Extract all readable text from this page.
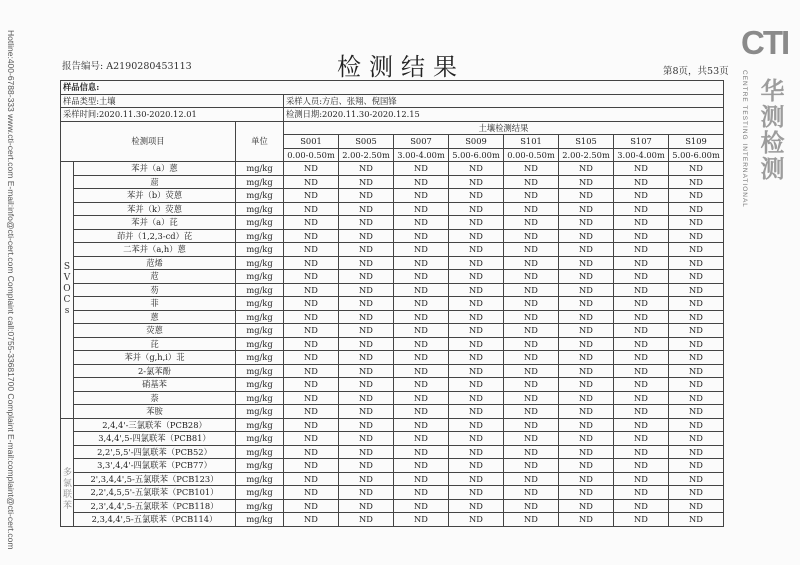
Hotline:400-6788-333 www.cti-cert.com E-mail:info@cti-cert.com Complaint call:0755-33681700 Complaint E-mail:complaint@cti-cert.com	报告编号: A2190280453113	检测结果	第8页，共53页
CTI
CENTRE TESTING INTERNATIONAL 华测检测
样品信息:										
样品类型:土壤			采样人员:方启、张翔、倪国锋							
采样时间:2020.11.30-2020.12.01			检测日期:2020.11.30-2020.12.15							
检测项目		单位	土壤检测结果							
			S001	S005	S007	S009	S101	S105	S107	S109
			0.00-0.50m	2.00-2.50m	3.00-4.00m	5.00-6.00m	0.00-0.50m	2.00-2.50m	3.00-4.00m	5.00-6.00m
S
V
O
C
s	苯并（a）蒽	mg/kg	ND	ND	ND	ND	ND	ND	ND	ND
	䓛	mg/kg	ND	ND	ND	ND	ND	ND	ND	ND
	苯并（b）荧蒽	mg/kg	ND	ND	ND	ND	ND	ND	ND	ND
	苯并（k）荧蒽	mg/kg	ND	ND	ND	ND	ND	ND	ND	ND
	苯并（a）芘	mg/kg	ND	ND	ND	ND	ND	ND	ND	ND
	茚并（1,2,3-cd）芘	mg/kg	ND	ND	ND	ND	ND	ND	ND	ND
	二苯并（a,h）蒽	mg/kg	ND	ND	ND	ND	ND	ND	ND	ND
	苊烯	mg/kg	ND	ND	ND	ND	ND	ND	ND	ND
	苊	mg/kg	ND	ND	ND	ND	ND	ND	ND	ND
	芴	mg/kg	ND	ND	ND	ND	ND	ND	ND	ND
	菲	mg/kg	ND	ND	ND	ND	ND	ND	ND	ND
	蒽	mg/kg	ND	ND	ND	ND	ND	ND	ND	ND
	荧蒽	mg/kg	ND	ND	ND	ND	ND	ND	ND	ND
	芘	mg/kg	ND	ND	ND	ND	ND	ND	ND	ND
	苯并（g,h,i）苝	mg/kg	ND	ND	ND	ND	ND	ND	ND	ND
	2-氯苯酚	mg/kg	ND	ND	ND	ND	ND	ND	ND	ND
	硝基苯	mg/kg	ND	ND	ND	ND	ND	ND	ND	ND
	萘	mg/kg	ND	ND	ND	ND	ND	ND	ND	ND
	苯胺	mg/kg	ND	ND	ND	ND	ND	ND	ND	ND
多
氯
联
苯	2,4,4'-三氯联苯（PCB28）	mg/kg	ND	ND	ND	ND	ND	ND	ND	ND
	3,4,4',5-四氯联苯（PCB81）	mg/kg	ND	ND	ND	ND	ND	ND	ND	ND
	2,2',5,5'-四氯联苯（PCB52）	mg/kg	ND	ND	ND	ND	ND	ND	ND	ND
	3,3',4,4'-四氯联苯（PCB77）	mg/kg	ND	ND	ND	ND	ND	ND	ND	ND
	2',3,4,4',5-五氯联苯（PCB123）	mg/kg	ND	ND	ND	ND	ND	ND	ND	ND
	2,2',4,5,5'-五氯联苯（PCB101）	mg/kg	ND	ND	ND	ND	ND	ND	ND	ND
	2,3',4,4',5-五氯联苯（PCB118）	mg/kg	ND	ND	ND	ND	ND	ND	ND	ND
	2,3,4,4',5-五氯联苯（PCB114）	mg/kg	ND	ND	ND	ND	ND	ND	ND	ND
